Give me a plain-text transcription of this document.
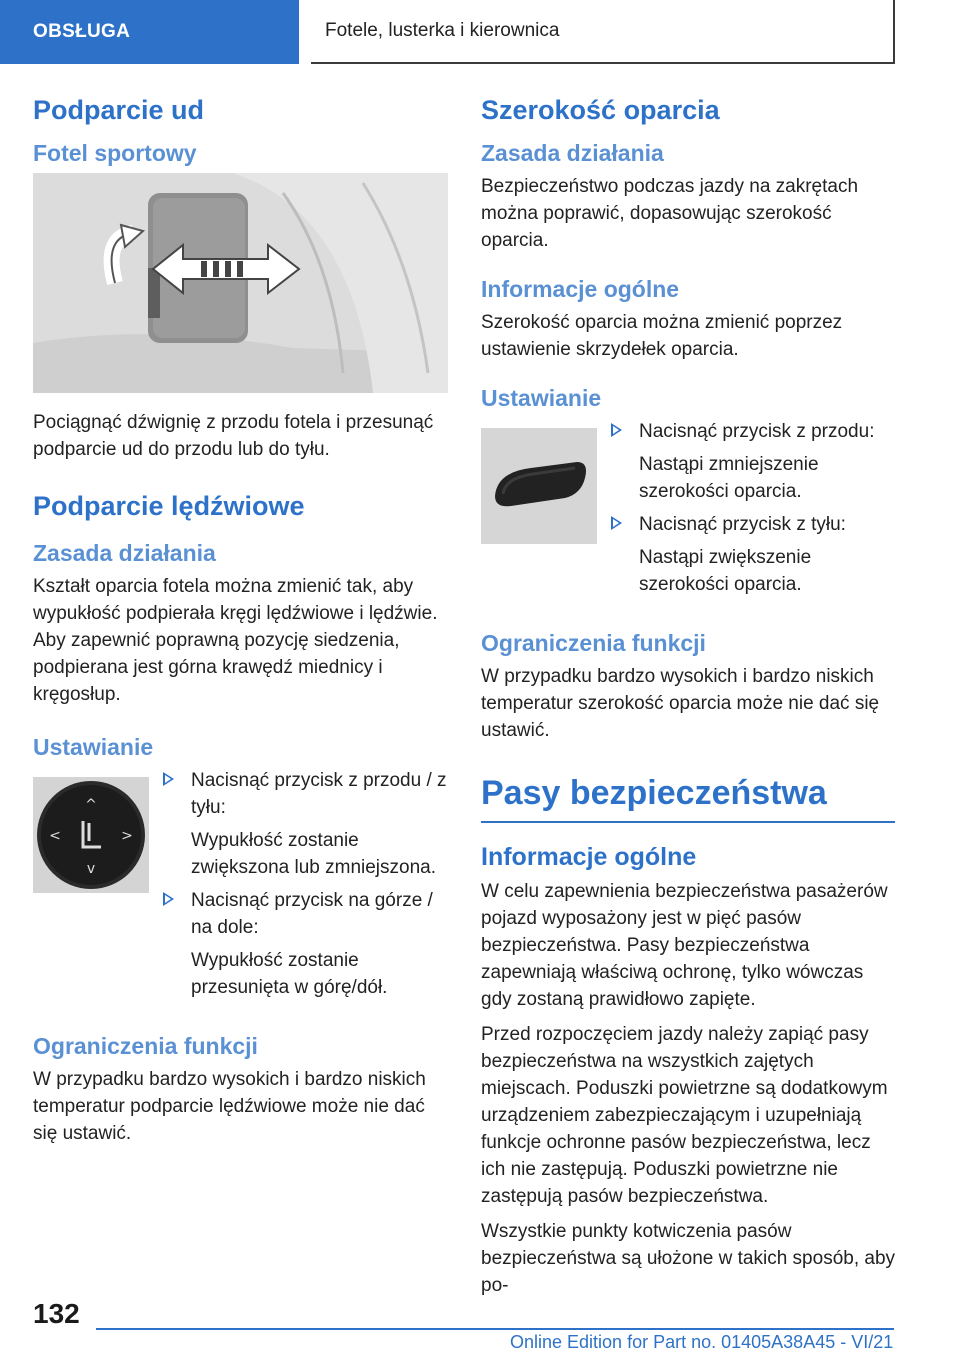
OBSŁUGA	Fotele, lusterka i kierownica
Podparcie ud
Fotel sportowy

Pociągnąć dźwignię z przodu fotela i przesunąć podparcie ud do przodu lub do tyłu.

Podparcie lędźwiowe
Zasada działania

Kształt oparcia fotela można zmienić tak, aby wypukłość podpierała kręgi lędźwiowe i lędźwie. Aby zapewnić poprawną pozycję siedzenia, podpierana jest górna krawędź miednicy i kręgosłup.

Ustawianie
^
v
<	>
Nacisnąć przycisk z przodu / z tyłu:
Wypukłość zostanie zwiększona lub zmniejszona.
Nacisnąć przycisk na górze / na dole:
Wypukłość zostanie przesunięta w górę/dół.
Ograniczenia funkcji

W przypadku bardzo wysokich i bardzo niskich temperatur podparcie lędźwiowe może nie dać się ustawić.

Szerokość oparcia
Zasada działania

Bezpieczeństwo podczas jazdy na zakrętach można poprawić, dopasowując szerokość oparcia.

Informacje ogólne

Szerokość oparcia można zmienić poprzez ustawienie skrzydełek oparcia.

Ustawianie
Nacisnąć przycisk z przodu:
Nastąpi zmniejszenie szerokości oparcia.
Nacisnąć przycisk z tyłu:
Nastąpi zwiększenie szerokości oparcia.
Ograniczenia funkcji

W przypadku bardzo wysokich i bardzo niskich temperatur szerokość oparcia może nie dać się ustawić.

Pasy bezpieczeństwa
Informacje ogólne

W celu zapewnienia bezpieczeństwa pasażerów pojazd wyposażony jest w pięć pasów bezpieczeństwa. Pasy bezpieczeństwa zapewniają właściwą ochronę, tylko wówczas gdy zostaną prawidłowo zapięte.

Przed rozpoczęciem jazdy należy zapiąć pasy bezpieczeństwa na wszystkich zajętych miejscach. Poduszki powietrzne są dodatkowym urządzeniem zabezpieczającym i uzupełniają funkcje ochronne pasów bezpieczeństwa, lecz ich nie zastępują. Poduszki powietrzne nie zastępują pasów bezpieczeństwa.

Wszystkie punkty kotwiczenia pasów bezpieczeństwa są ułożone w takich sposób, aby po-

132
Online Edition for Part no. 01405A38A45 - VI/21
